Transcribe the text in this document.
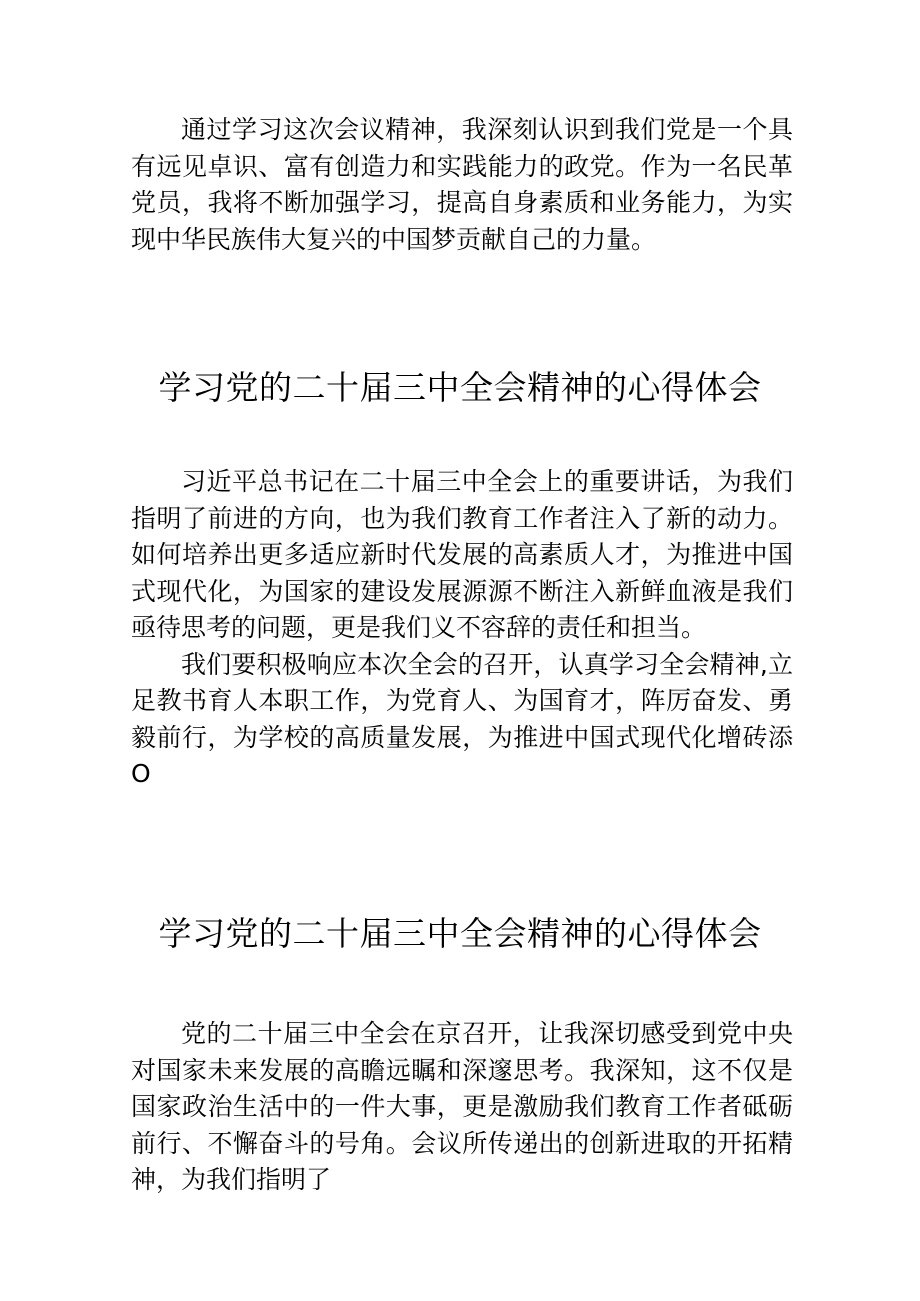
通过学习这次会议精神，我深刻认识到我们党是一个具有远见卓识、富有创造力和实践能力的政党。作为一名民革党员，我将不断加强学习，提高自身素质和业务能力，为实现中华民族伟大复兴的中国梦贡献自己的力量。

学习党的二十届三中全会精神的心得体会

习近平总书记在二十届三中全会上的重要讲话，为我们指明了前进的方向，也为我们教育工作者注入了新的动力。如何培养出更多适应新时代发展的高素质人才，为推进中国式现代化，为国家的建设发展源源不断注入新鲜血液是我们亟待思考的问题，更是我们义不容辞的责任和担当。

我们要积极响应本次全会的召开，认真学习全会精神,立足教书育人本职工作，为党育人、为国育才，阵厉奋发、勇毅前行，为学校的高质量发展，为推进中国式现代化增砖添O

学习党的二十届三中全会精神的心得体会

党的二十届三中全会在京召开，让我深切感受到党中央对国家未来发展的高瞻远瞩和深邃思考。我深知，这不仅是国家政治生活中的一件大事，更是激励我们教育工作者砥砺前行、不懈奋斗的号角。会议所传递出的创新进取的开拓精神，为我们指明了
